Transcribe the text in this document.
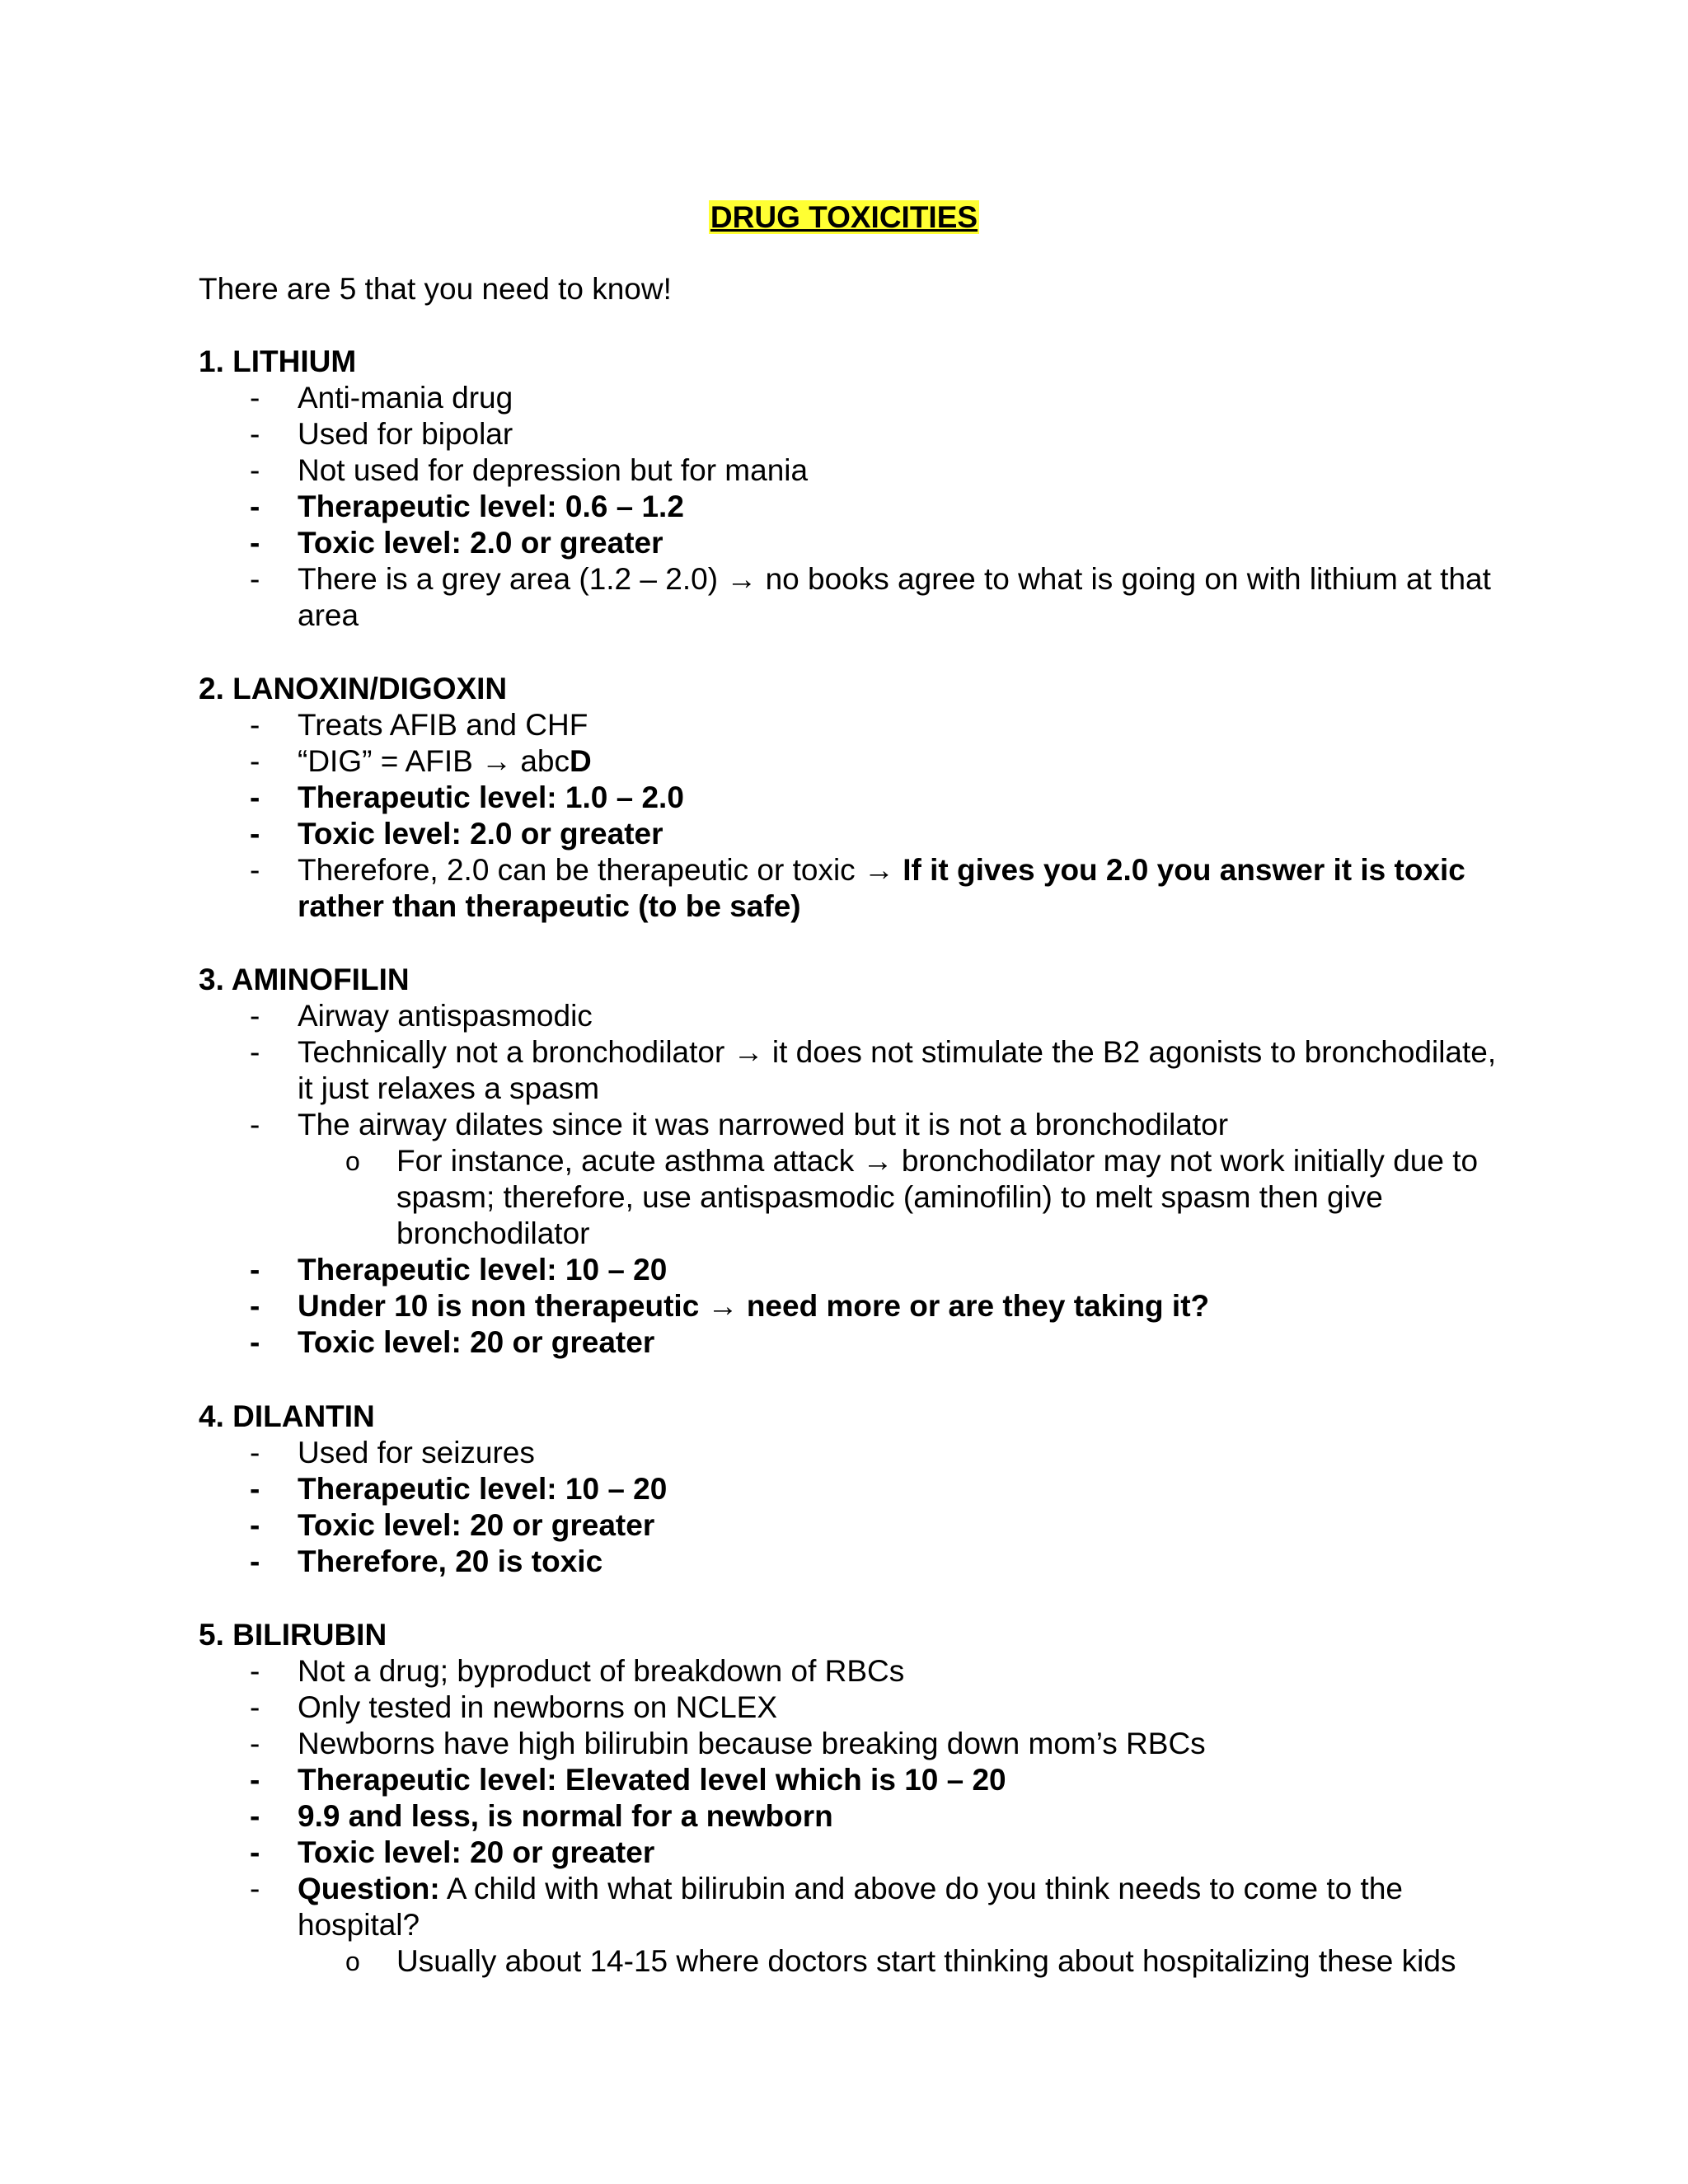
DRUG TOXICITIES
There are 5 that you need to know!
1. LITHIUM
- Anti-mania drug
- Used for bipolar
- Not used for depression but for mania
- Therapeutic level: 0.6 – 1.2
- Toxic level: 2.0 or greater
- There is a grey area (1.2 – 2.0) → no books agree to what is going on with lithium at that area
2. LANOXIN/DIGOXIN
- Treats AFIB and CHF
- “DIG” = AFIB → abcD
- Therapeutic level: 1.0 – 2.0
- Toxic level: 2.0 or greater
- Therefore, 2.0 can be therapeutic or toxic → If it gives you 2.0 you answer it is toxic rather than therapeutic (to be safe)
3. AMINOFILIN
- Airway antispasmodic
- Technically not a bronchodilator → it does not stimulate the B2 agonists to bronchodilate, it just relaxes a spasm
- The airway dilates since it was narrowed but it is not a bronchodilator
o For instance, acute asthma attack → bronchodilator may not work initially due to spasm; therefore, use antispasmodic (aminofilin) to melt spasm then give bronchodilator
- Therapeutic level: 10 – 20
- Under 10 is non therapeutic → need more or are they taking it?
- Toxic level: 20 or greater
4. DILANTIN
- Used for seizures
- Therapeutic level: 10 – 20
- Toxic level: 20 or greater
- Therefore, 20 is toxic
5. BILIRUBIN
- Not a drug; byproduct of breakdown of RBCs
- Only tested in newborns on NCLEX
- Newborns have high bilirubin because breaking down mom’s RBCs
- Therapeutic level: Elevated level which is 10 – 20
- 9.9 and less, is normal for a newborn
- Toxic level: 20 or greater
- Question: A child with what bilirubin and above do you think needs to come to the hospital?
o Usually about 14-15 where doctors start thinking about hospitalizing these kids
